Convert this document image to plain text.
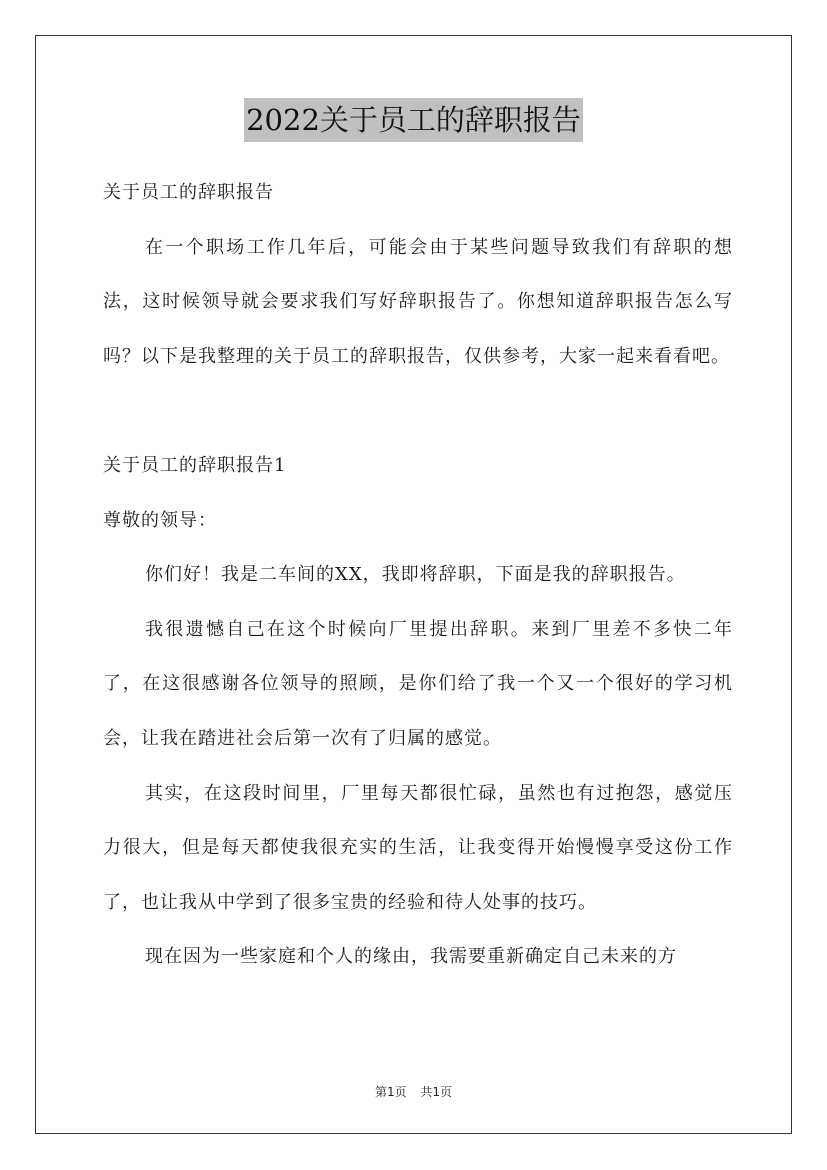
2022关于员工的辞职报告

关于员工的辞职报告

在一个职场工作几年后，可能会由于某些问题导致我们有辞职的想法，这时候领导就会要求我们写好辞职报告了。你想知道辞职报告怎么写吗？以下是我整理的关于员工的辞职报告，仅供参考，大家一起来看看吧。

关于员工的辞职报告1

尊敬的领导：

你们好！我是二车间的XX，我即将辞职，下面是我的辞职报告。

我很遗憾自己在这个时候向厂里提出辞职。来到厂里差不多快二年了，在这很感谢各位领导的照顾，是你们给了我一个又一个很好的学习机会，让我在踏进社会后第一次有了归属的感觉。

其实，在这段时间里，厂里每天都很忙碌，虽然也有过抱怨，感觉压力很大，但是每天都使我很充实的生活，让我变得开始慢慢享受这份工作了，也让我从中学到了很多宝贵的经验和待人处事的技巧。

现在因为一些家庭和个人的缘由，我需要重新确定自己未来的方

第1页 共1页
